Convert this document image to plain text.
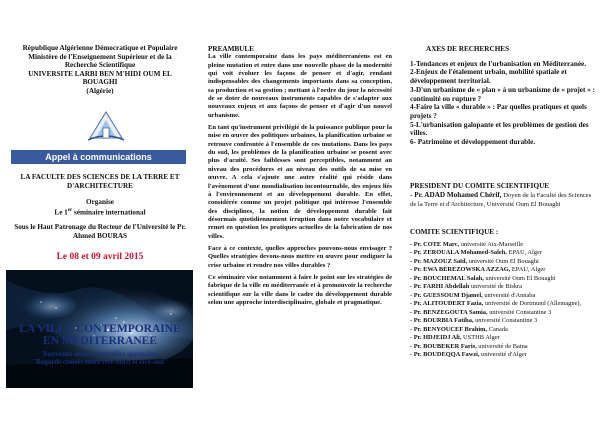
République Algérienne Démocratique et Populaire
Ministère de l'Enseignement Supérieur et de la
Recherche Scientifique
UNIVERSITE LARBI BEN M'HIDI OUM EL BOUAGHI
(Algérie)
Appel à communications
LA FACULTE DES SCIENCES DE LA TERRE ET D'ARCHITECTURE
Organise
Le 1er séminaire international
Sous le Haut Patronage du Recteur de l'Université le Pr. Ahmed BOURAS
Le 08 et 09 avril 2015
LA VILLE CONTEMPORAINE
EN MEDITERRANEE
Nouveaux enjeux, nouvelles approches
"Regards croisés entre rive-nord et rive-sud"
PREAMBULE

La ville contemporaine dans les pays méditerranéens est en pleine mutation et entre dans une nouvelle phase de la modernité qui voit évoluer les façons de penser et d'agir, rendant indispensables des changements importants dans sa conception, sa production et sa gestion ; mettant à l'ordre du jour la nécessité de se doter de nouveaux instruments capables de s'adapter aux nouveaux enjeux et aux façons de penser et d'agir d'un nouvel urbanisme.

En tant qu'instrument privilégié de la puissance publique pour la mise en œuvre des politiques urbaines, la planification urbaine se retrouve confrontée à l'ensemble de ces mutations. Dans les pays du sud, les problèmes de la planification urbaine se posent avec plus d'acuité. Ses faiblesses sont perceptibles, notamment au niveau des procédures et au niveau des outils de sa mise en œuvre. A cela s'ajoute une autre réalité qui réside dans l'avènement d'une mondialisation incontournable, des enjeux liés à l'environnement et au développement durable. En effet, considérée comme un projet politique qui intéresse l'ensemble des disciplines, la notion de développement durable fait désormais quotidiennement irruption dans notre vocabulaire et remet en question les pratiques actuelles de la fabrication de nos villes.

Face à ce contexte, quelles approches pouvons-nous envisager ? Quelles stratégies devons-nous mettre en œuvre pour endiguer la crise urbaine et rendre nos villes durables ?

Ce séminaire vise notamment à faire le point sur les stratégies de fabrique de la ville en méditerranée et à promouvoir la recherche scientifique sur la ville dans le cadre du développement durable selon une approche interdisciplinaire, globale et pragmatique.

AXES DE RECHERCHES
1-Tendances et enjeux de l'urbanisation en Méditerranée.
2-Enjeux de l'étalement urbain, mobilité spatiale et développement territorial.
3-D'un urbanisme de « plan » à un urbanisme de « projet » : continuité ou rupture ?
4-Faire la ville « durable » : Par quelles pratiques et quels projets ?
5-L'urbanisation galopante et les problèmes de gestion des villes.
6- Patrimoine et développement durable.
PRESIDENT DU COMITE SCIENTIFIQUE
- Pr. ADAD Mohamed Chérif, Doyen de la Faculté des Sciences de la Terre et d'Architecture, Université Oum El Bouaghi
COMITE SCIENTIFIQUE :
- Pr. COTE Marc, université Aix-Marseille
- Pr. ZEROUALA Mohamed-Saleh, EPAU, Alger
- Pr. MAZOUZ Saïd, université Oum El Bouaghi
- Pr. EWA BEREZOWSKA AZZAG, EPAU, Alger
- Pr. BOUCHEMAL Salah, université Oum El Bouaghi
- Pr. FARHI Abdellah université de Biskra
- Pr. GUESSOUM Djamel, université d'Annaba
- Pr. ALITOUDERT Fazia, université de Dortmund (Allemagne),
- Pr. BENZEGOUTA Samia, université Constantine 3
- Pr. BOURBIA Fatiha, université Constantine 3
- Pr. BENYOUCEF Brahim, Canada
- Pr. HDJEIDJ Ali, USTHB Alger
- Pr. BOUBEKER Faris, université de Batna
- Pr. BOUDEQQA Fawzi, université d'Alger
